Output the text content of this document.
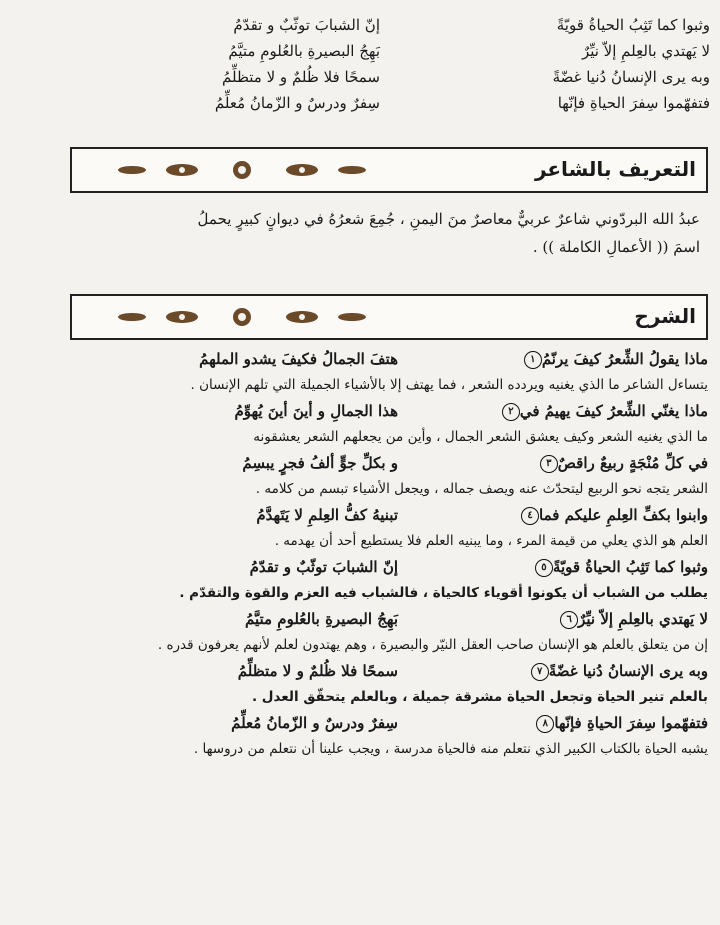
وثبوا كما تَثِبُ الحياةُ قويّةً
لا يَهتدي بالعِلمِ إلاّ نيِّرٌ
وبه يرى الإنسانُ دُنيا غضّةً
فتفهّموا سِفرَ الحياةِ فإنّها
إنّ الشبابَ توثّبٌ و تقدّمُ
بَهِجُ البصيرةِ بالعُلومِ متيَّمُ
سمحًا فلا ظُلمٌ و لا متظلِّمُ
سِفرٌ ودرسٌ و الزّمانُ مُعلِّمُ
التعريف بالشاعر

عبدُ الله البردّوني شاعرٌ عربيٌّ معاصرٌ منَ اليمنِ ، جُمِعَ شعرُهُ في ديوانٍ كبيرٍ يحملُ

اسمَ (( الأعمالِ الكاملة )) .

الشرح
ماذا يقولُ الشِّعرُ كيفَ يرنّمُ١
هتفَ الجمالُ فكيفَ يشدو الملهمُ

يتساءل الشاعر ما الذي يغنيه ويردده الشعر ، فما يهتف إلا بالأشياء الجميلة التي تلهم الإنسان .

ماذا يغنّي الشِّعرُ كيفَ يهيمُ في٢
هذا الجمالِ و أينَ أينَ يُهوِّمُ

ما الذي يغنيه الشعر وكيف يعشق الشعر الجمال ، وأين من يجعلهم الشعر يعشقونه

في كلِّ مُنْجَةٍ ربيعٌ راقصٌ٣
و بكلِّ جوٍّ ألفُ فجرٍ يبسِمُ

الشعر يتجه نحو الربيع ليتحدّث عنه ويصف جماله ، ويجعل الأشياء تبسم من كلامه .

وابنوا بكفِّ العِلمِ عليكم فما٤
تبنيهُ كفُّ العِلمِ لا يَتَهدَّمُ

العلم هو الذي يعلي من قيمة المرء ، وما يبنيه العلم فلا يستطيع أحد أن يهدمه .

وثبوا كما تَثِبُ الحياةُ قويّةً٥
إنّ الشبابَ توثّبٌ و تقدّمُ

يطلب من الشباب أن يكونوا أقوياء كالحياة ، فالشباب فيه العزم والقوة والتقدّم .

لا يَهتدي بالعِلمِ إلاّ نيِّرٌ٦
بَهِجُ البصيرةِ بالعُلومِ متيَّمُ

إن من يتعلق بالعلم هو الإنسان صاحب العقل النيّر والبصيرة ، وهم يهتدون لعلم لأنهم يعرفون قدره .

وبه يرى الإنسانُ دُنيا غضّةً٧
سمحًا فلا ظُلمٌ و لا متظلِّمُ

بالعلم تنير الحياة وتجعل الحياة مشرقة جميلة ، وبالعلم يتحقّق العدل .

فتفهّموا سِفرَ الحياةِ فإنّها٨
سِفرٌ ودرسٌ و الزّمانُ مُعلِّمُ

يشبه الحياة بالكتاب الكبير الذي نتعلم منه فالحياة مدرسة ، ويجب علينا أن نتعلم من دروسها .
